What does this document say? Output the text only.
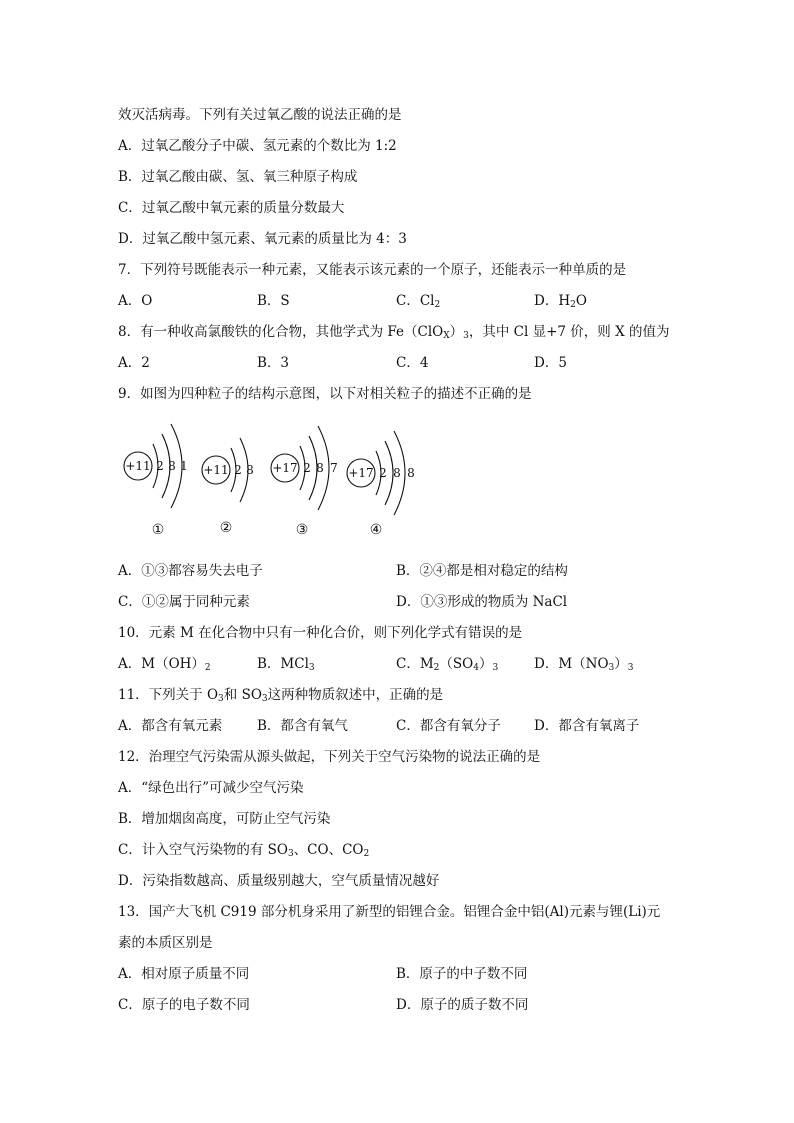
效灭活病毒。下列有关过氧乙酸的说法正确的是
A．过氧乙酸分子中碳、氢元素的个数比为 1:2
B．过氧乙酸由碳、氢、氧三种原子构成
C．过氧乙酸中氧元素的质量分数最大
D．过氧乙酸中氢元素、氧元素的质量比为 4：3
7．下列符号既能表示一种元素，又能表示该元素的一个原子，还能表示一种单质的是
A．O	B．S	C．$Cl_2$	D．$H_2O$
8．有一种收高氯酸铁的化合物，其他学式为 $Fe(ClO_X)_3$，其中 Cl 显+7 价，则 X 的值为
A．2	B．3	C．4	D．5
9．如图为四种粒子的结构示意图，以下对相关粒子的描述不正确的是
+11 2 8 1 +11 2 8 +17 2 8 7 +17 2 8 8
①	②	③	④
A．①③都容易失去电子	B．②④都是相对稳定的结构
C．①②属于同种元素	D．①③形成的物质为 NaCl
10．元素 M 在化合物中只有一种化合价，则下列化学式有错误的是
A．$M(OH)_2$	B．MCl$_3$	C．$M_2(SO_4)_3$	D．$M(NO_3)_3$
11．下列关于 $O_3$和 $SO_3$这两种物质叙述中，正确的是
A．都含有氧元素	B．都含有氧气	C．都含有氧分子 D．都含有氧离子
12．治理空气污染需从源头做起，下列关于空气污染物的说法正确的是
A．“绿色出行”可减少空气污染
B．增加烟囱高度，可防止空气污染
C．计入空气污染物的有 $SO_3$、CO、$CO_2$
D．污染指数越高、质量级别越大，空气质量情况越好
13．国产大飞机 C919 部分机身采用了新型的铝锂合金。铝锂合金中铝(Al)元素与锂(Li)元
素的本质区别是
A．相对原子质量不同	B．原子的中子数不同
C．原子的电子数不同	D．原子的质子数不同
